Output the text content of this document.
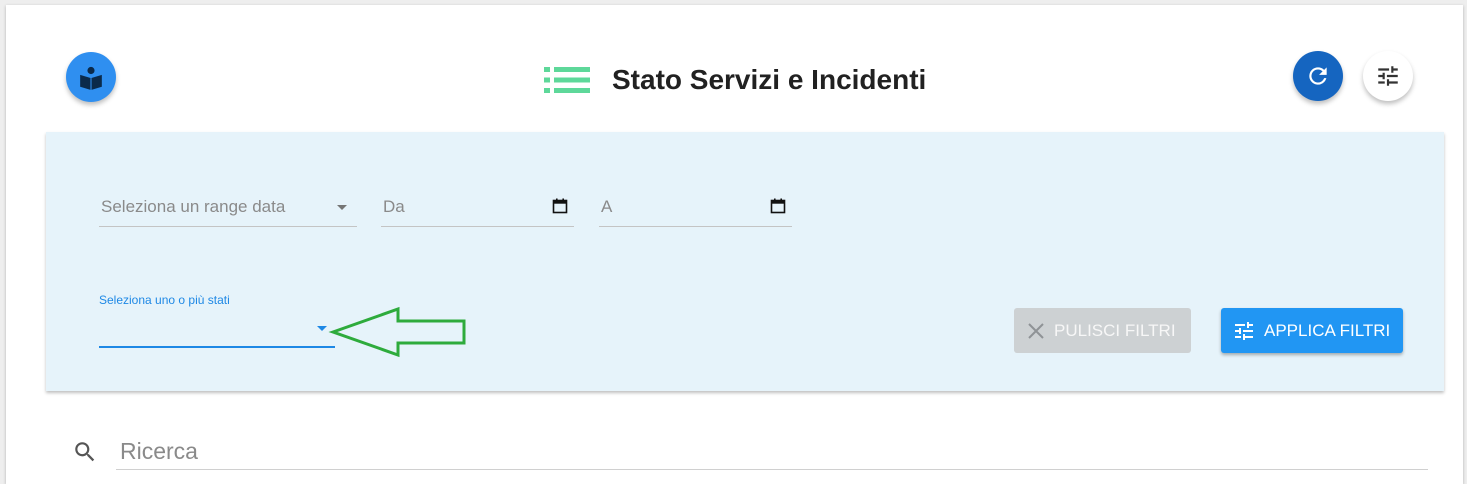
Stato Servizi e Incidenti
Seleziona un range data	Da	A
Seleziona uno o più stati
PULISCI FILTRI	APPLICA FILTRI
Ricerca
